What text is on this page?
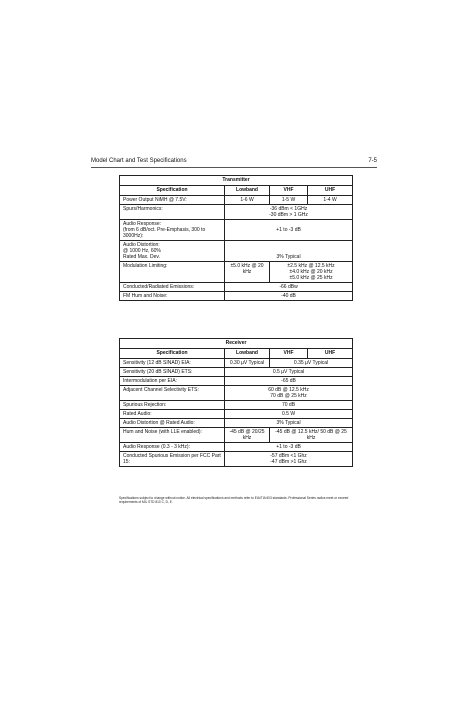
Model Chart and Test Specifications	7-5
Transmitter			
Specification	Lowband	VHF	UHF
Power Output NiMH @ 7.5V:	1-6 W	1-5 W	1-4 W
Spurs/Harmonics:	-36 dBm < 1GHz
-30 dBm > 1 GHz		
Audio Response:
(from 6 dB/oct. Pre-Emphasis, 300 to 3000Hz):	+1 to -3 dB		
Audio Distortion:
@ 1000 Hz, 60%
Rated Max. Dev.	3% Typical		
Modulation Limiting:	±5.0 kHz @ 20 kHz	±2.5 kHz @ 12.5 kHz
±4.0 kHz @ 20 kHz
±5.0 kHz @ 25 kHz	
Conducted/Radiated Emissions:	-66 dBw		
FM Hum and Noise:	-40 dB		
Receiver			
Specification	Lowband	VHF	UHF
Sensitivity (12 dB SINAD) EIA:	0.30 µV Typical	0.35 µV Typical	
Sensitivity (20 dB SINAD) ETS:	0.5 µV Typical		
Intermodulation per EIA:	-65 dB		
Adjacent Channel Selectivity ETS:	60 dB @ 12.5 kHz
70 dB @ 25 kHz		
Spurious Rejection:	70 dB		
Rated Audio:	0.5 W		
Audio Distortion @ Rated Audio:	3% Typical		
Hum and Noise (with LLE enabled):	-45 dB @ 20/25 kHz	-45 dB @ 12.5 kHz/ 50 dB @ 25 kHz	
Audio Response (0.3 - 3 kHz):	+1 to -3 dB		
Conducted Spurious Emission per FCC Part 15:	-57 dBm <1 Ghz
-47 dBm >1 Ghz		
Specifications subject to change without notice. All electrical specifications and methods refer to EIA/TIA 603 standards. Professional Series radios meet or exceed requirements of MIL STD 810 C, D, E.
